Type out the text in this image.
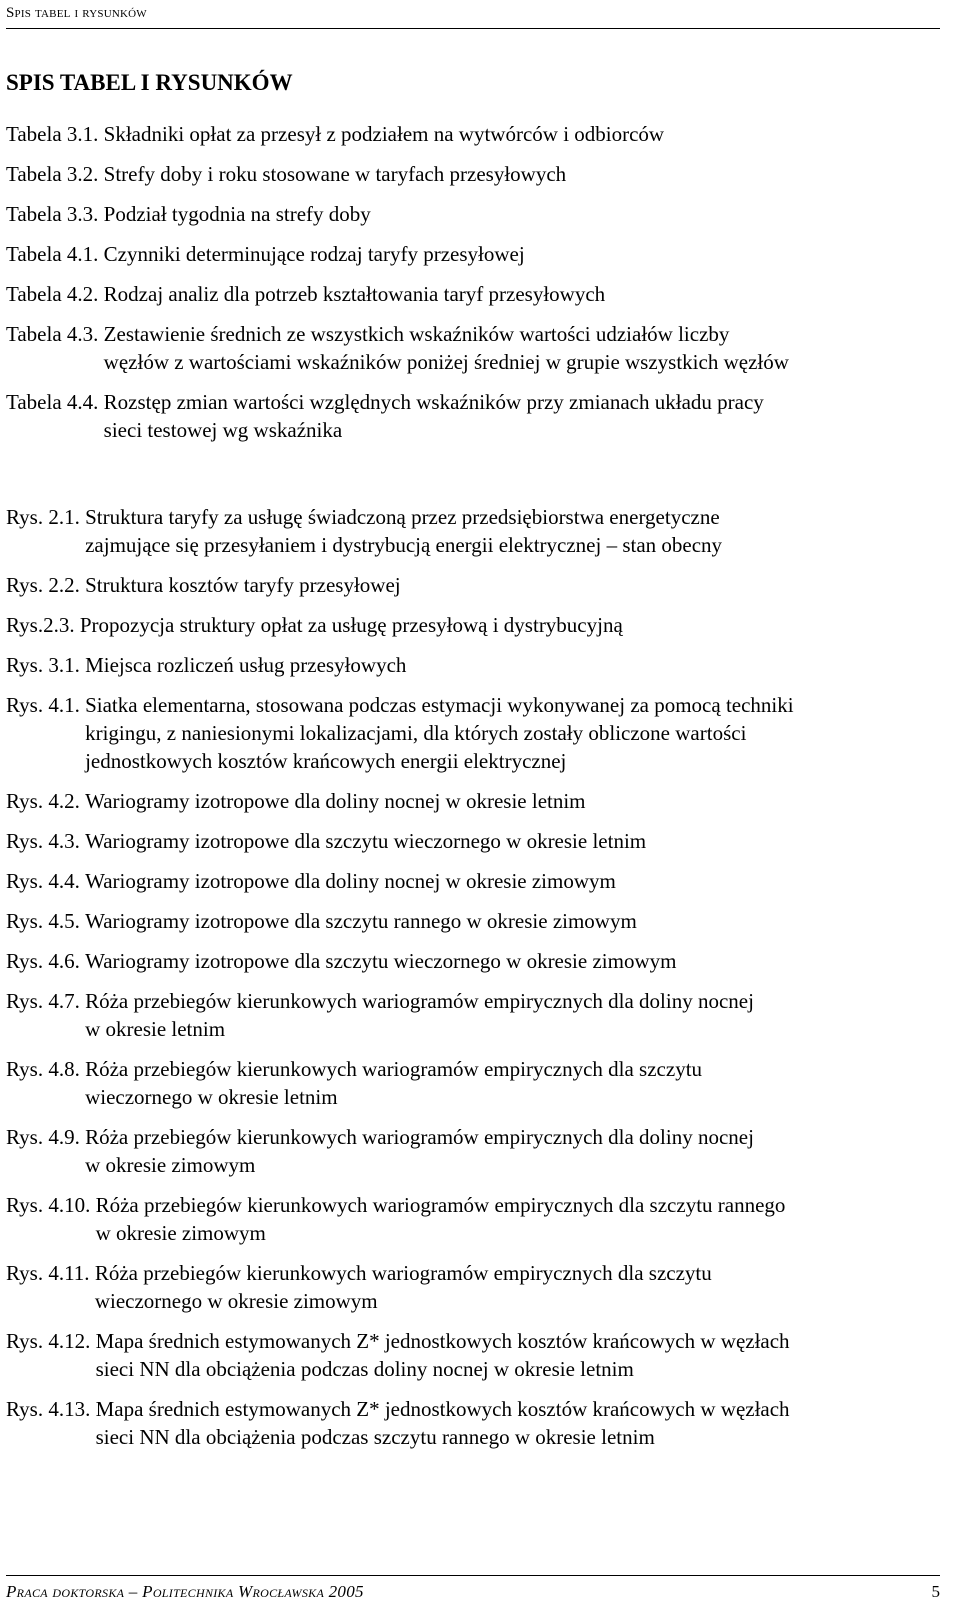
Spis tabel i rysunków
SPIS TABEL I RYSUNKÓW
Tabela 3.1. Składniki opłat za przesył z podziałem na wytwórców i odbiorców
Tabela 3.2. Strefy doby i roku stosowane w taryfach przesyłowych
Tabela 3.3. Podział tygodnia na strefy doby
Tabela 4.1. Czynniki determinujące rodzaj taryfy przesyłowej
Tabela 4.2. Rodzaj analiz dla potrzeb kształtowania taryf przesyłowych
Tabela 4.3. Zestawienie średnich ze wszystkich wskaźników wartości udziałów liczby
węzłów z wartościami wskaźników poniżej średniej w grupie wszystkich węzłów
Tabela 4.4. Rozstęp zmian wartości względnych wskaźników przy zmianach układu pracy
sieci testowej wg wskaźnika
Rys. 2.1. Struktura taryfy za usługę świadczoną przez przedsiębiorstwa energetyczne
zajmujące się przesyłaniem i dystrybucją energii elektrycznej – stan obecny
Rys. 2.2. Struktura kosztów taryfy przesyłowej
Rys.2.3. Propozycja struktury opłat za usługę przesyłową i dystrybucyjną
Rys. 3.1. Miejsca rozliczeń usług przesyłowych
Rys. 4.1. Siatka elementarna, stosowana podczas estymacji wykonywanej za pomocą techniki
krigingu, z naniesionymi lokalizacjami, dla których zostały obliczone wartości
jednostkowych kosztów krańcowych energii elektrycznej
Rys. 4.2. Wariogramy izotropowe dla doliny nocnej w okresie letnim
Rys. 4.3. Wariogramy izotropowe dla szczytu wieczornego w okresie letnim
Rys. 4.4. Wariogramy izotropowe dla doliny nocnej w okresie zimowym
Rys. 4.5. Wariogramy izotropowe dla szczytu rannego w okresie zimowym
Rys. 4.6. Wariogramy izotropowe dla szczytu wieczornego w okresie zimowym
Rys. 4.7. Róża przebiegów kierunkowych wariogramów empirycznych dla doliny nocnej
w okresie letnim
Rys. 4.8. Róża przebiegów kierunkowych wariogramów empirycznych dla szczytu
wieczornego w okresie letnim
Rys. 4.9. Róża przebiegów kierunkowych wariogramów empirycznych dla doliny nocnej
w okresie zimowym
Rys. 4.10. Róża przebiegów kierunkowych wariogramów empirycznych dla szczytu rannego
w okresie zimowym
Rys. 4.11. Róża przebiegów kierunkowych wariogramów empirycznych dla szczytu
wieczornego w okresie zimowym
Rys. 4.12. Mapa średnich estymowanych Z* jednostkowych kosztów krańcowych w węzłach
sieci NN dla obciążenia podczas doliny nocnej w okresie letnim
Rys. 4.13. Mapa średnich estymowanych Z* jednostkowych kosztów krańcowych w węzłach
sieci NN dla obciążenia podczas szczytu rannego w okresie letnim
Praca doktorska – Politechnika Wrocławska 2005	5
